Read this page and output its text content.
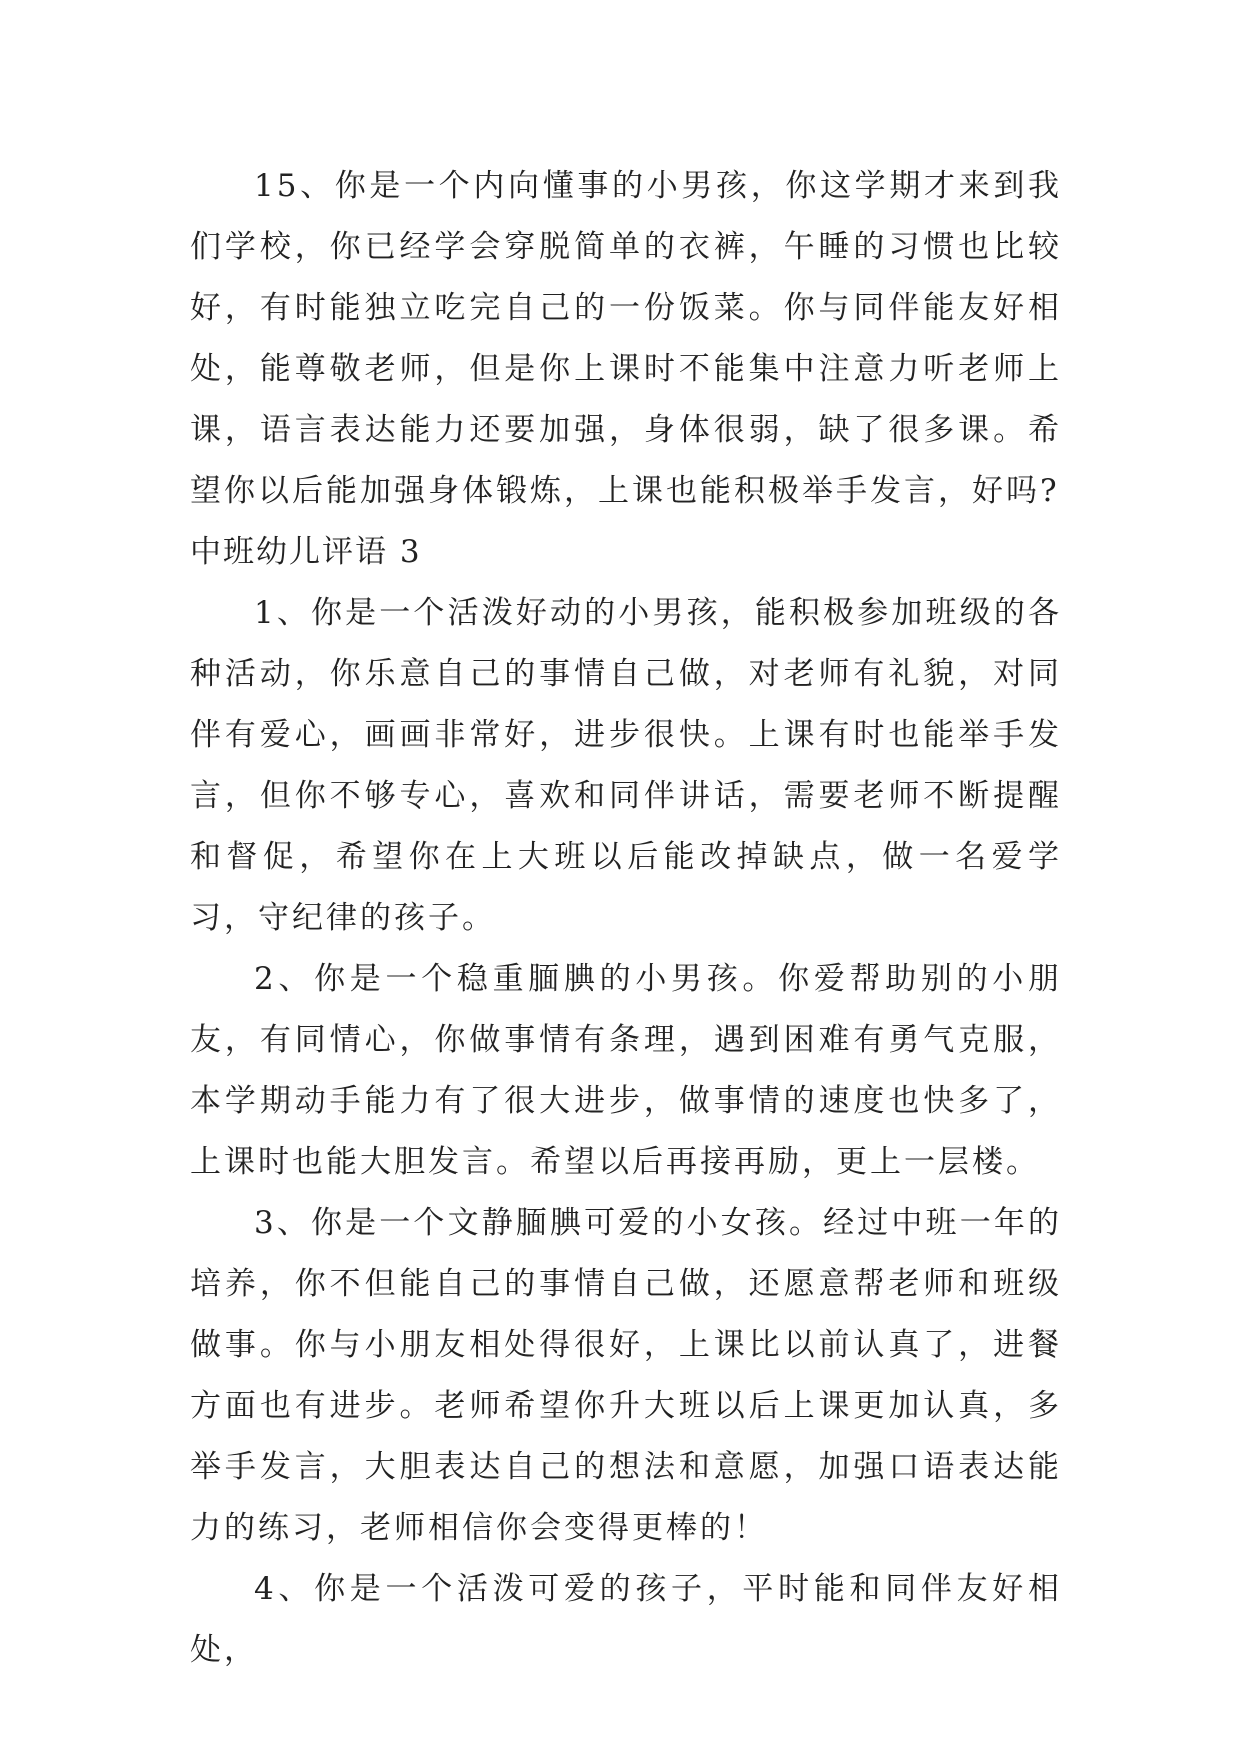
15、你是一个内向懂事的小男孩，你这学期才来到我们学校，你已经学会穿脱简单的衣裤，午睡的习惯也比较好，有时能独立吃完自己的一份饭菜。你与同伴能友好相处，能尊敬老师，但是你上课时不能集中注意力听老师上课，语言表达能力还要加强，身体很弱，缺了很多课。希望你以后能加强身体锻炼，上课也能积极举手发言，好吗?

中班幼儿评语 3

1、你是一个活泼好动的小男孩，能积极参加班级的各种活动，你乐意自己的事情自己做，对老师有礼貌，对同伴有爱心，画画非常好，进步很快。上课有时也能举手发言，但你不够专心，喜欢和同伴讲话，需要老师不断提醒和督促，希望你在上大班以后能改掉缺点，做一名爱学习，守纪律的孩子。

2、你是一个稳重腼腆的小男孩。你爱帮助别的小朋友，有同情心，你做事情有条理，遇到困难有勇气克服，本学期动手能力有了很大进步，做事情的速度也快多了，上课时也能大胆发言。希望以后再接再励，更上一层楼。

3、你是一个文静腼腆可爱的小女孩。经过中班一年的培养，你不但能自己的事情自己做，还愿意帮老师和班级做事。你与小朋友相处得很好，上课比以前认真了，进餐方面也有进步。老师希望你升大班以后上课更加认真，多举手发言，大胆表达自己的想法和意愿，加强口语表达能力的练习，老师相信你会变得更棒的！

4、你是一个活泼可爱的孩子，平时能和同伴友好相处，
